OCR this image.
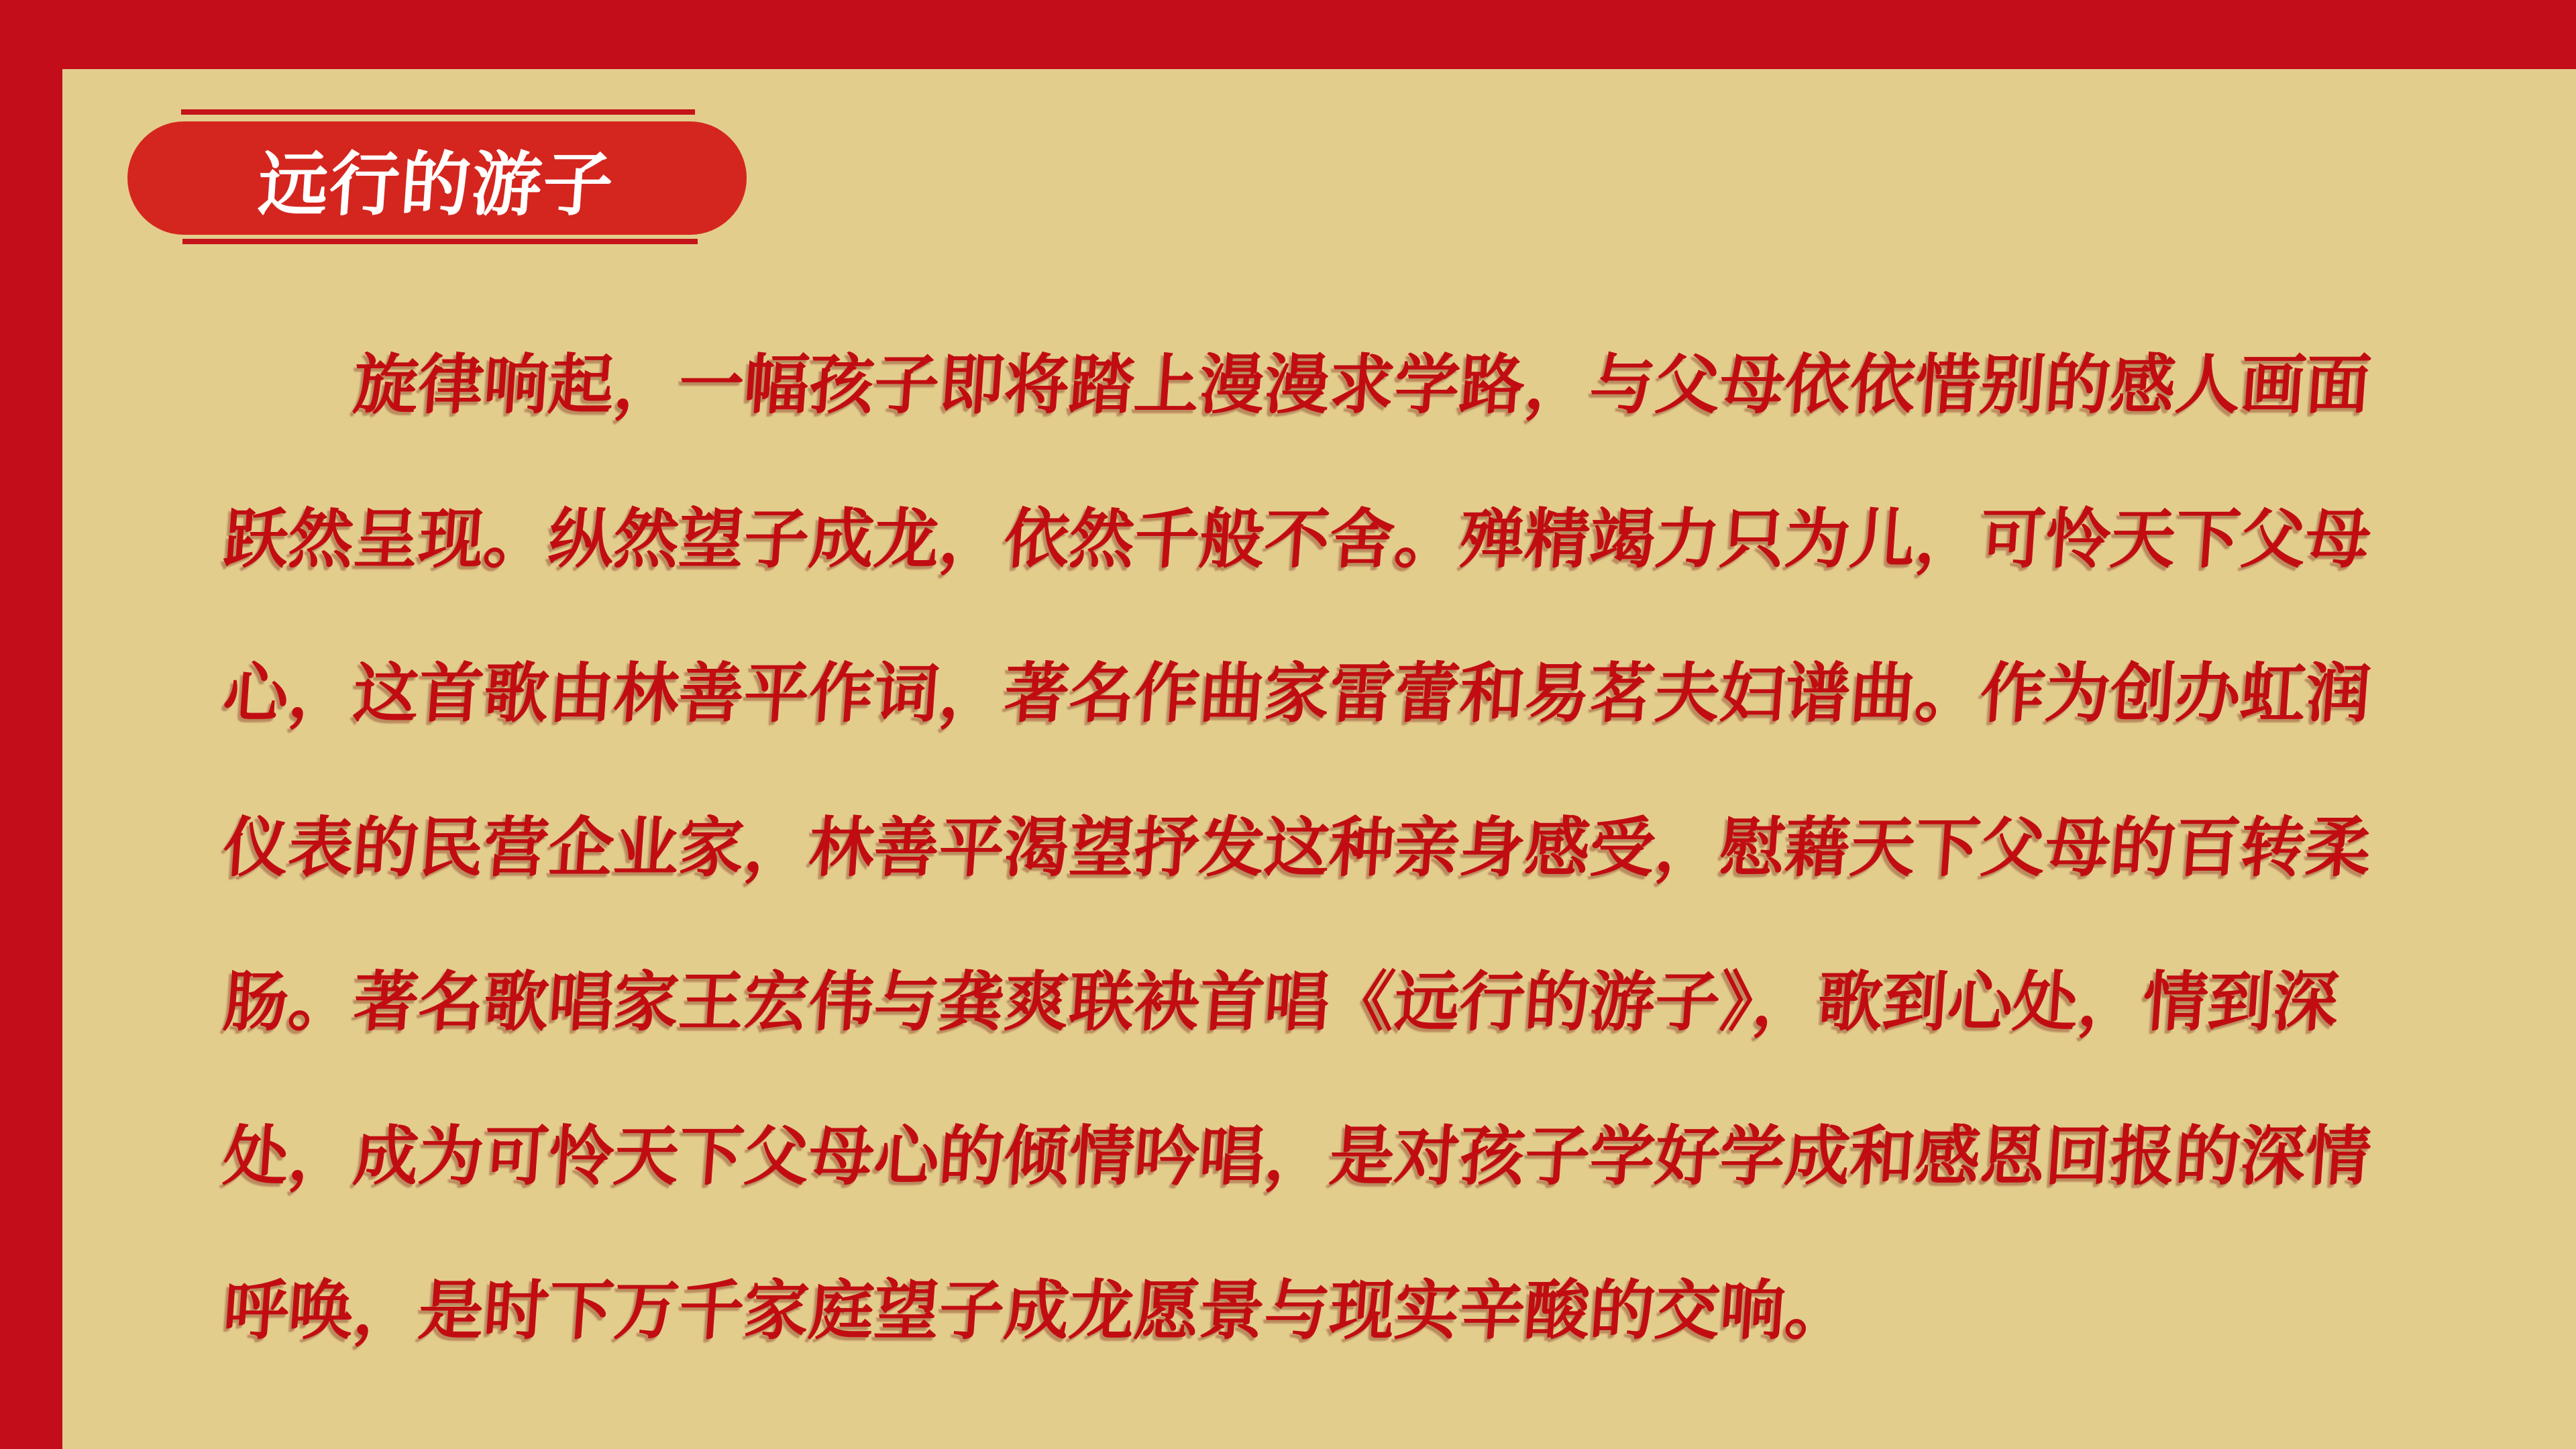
远行的游子
旋律响起，一幅孩子即将踏上漫漫求学路，与父母依依惜别的感人画面
跃然呈现。纵然望子成龙，依然千般不舍。殚精竭力只为儿，可怜天下父母
心，这首歌由林善平作词，著名作曲家雷蕾和易茗夫妇谱曲。作为创办虹润
仪表的民营企业家，林善平渴望抒发这种亲身感受，慰藉天下父母的百转柔
肠。著名歌唱家王宏伟与龚爽联袂首唱《远行的游子》，歌到心处，情到深
处，成为可怜天下父母心的倾情吟唱，是对孩子学好学成和感恩回报的深情
呼唤，是时下万千家庭望子成龙愿景与现实辛酸的交响。
